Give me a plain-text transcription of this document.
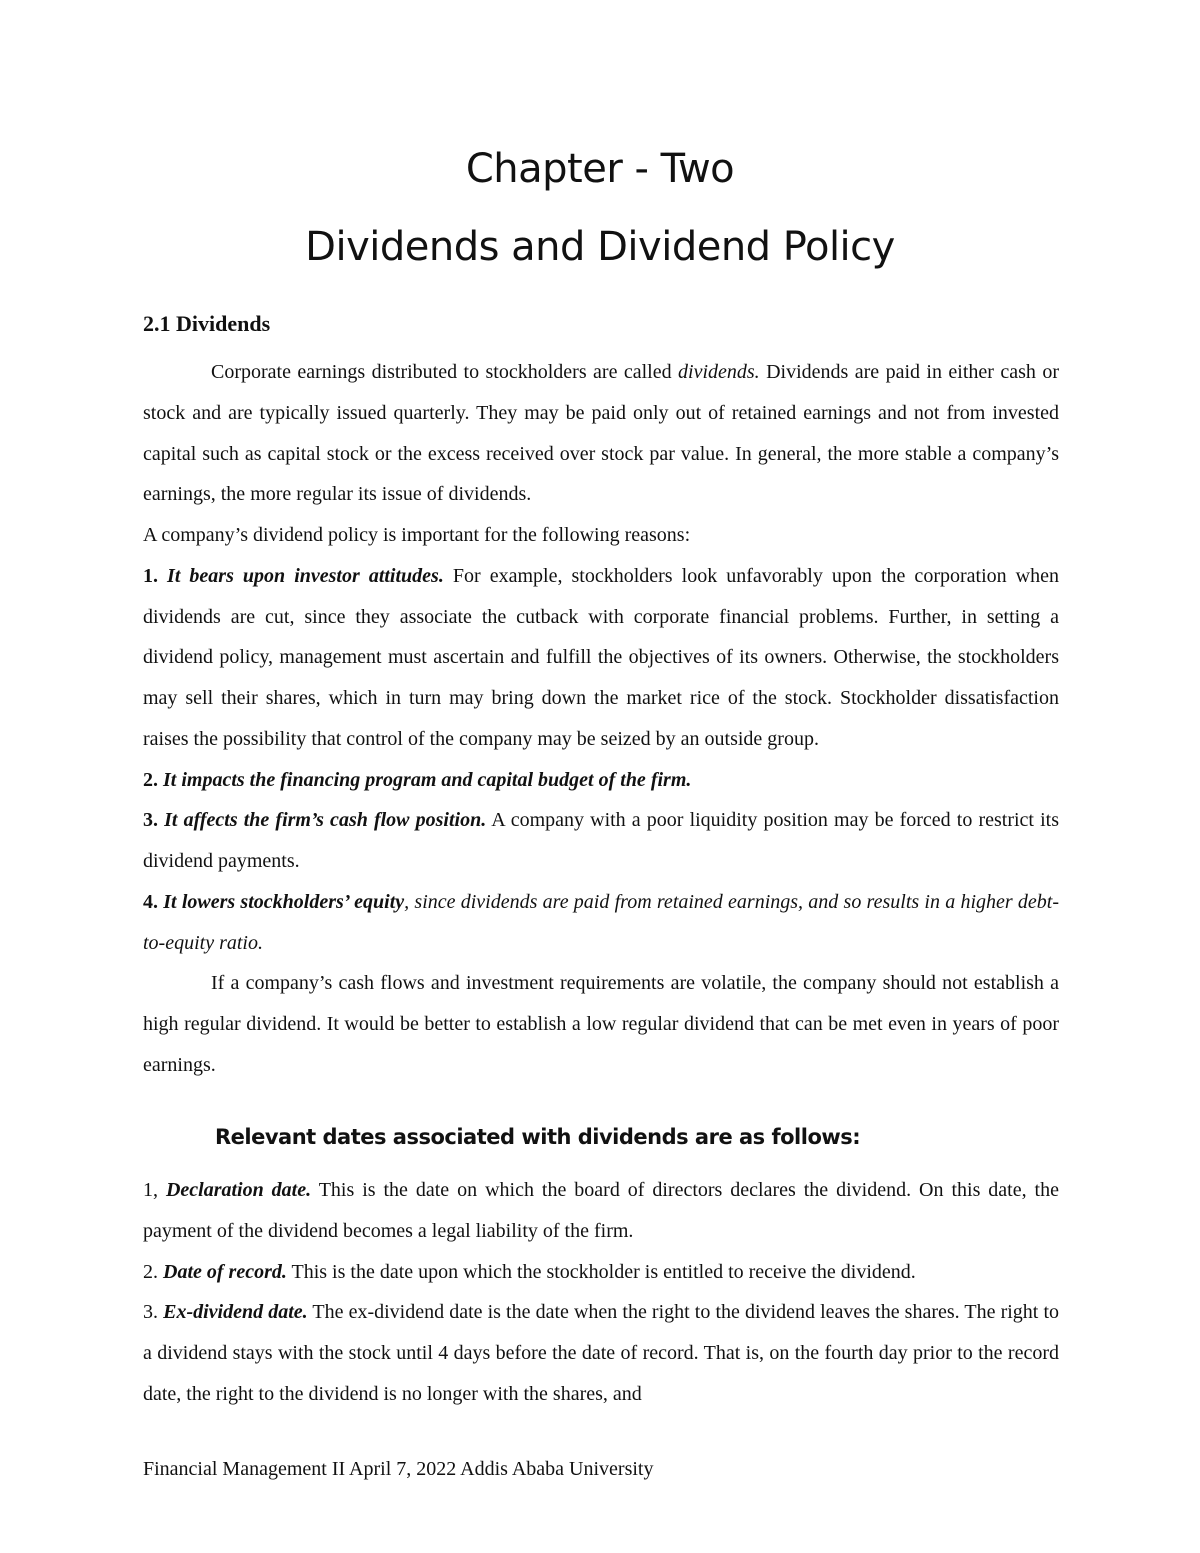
Chapter - Two
Dividends and Dividend Policy
2.1 Dividends

Corporate earnings distributed to stockholders are called dividends. Dividends are paid in either cash or stock and are typically issued quarterly. They may be paid only out of retained earnings and not from invested capital such as capital stock or the excess received over stock par value. In general, the more stable a company’s earnings, the more regular its issue of dividends.

A company’s dividend policy is important for the following reasons:

1. It bears upon investor attitudes. For example, stockholders look unfavorably upon the corporation when dividends are cut, since they associate the cutback with corporate financial problems. Further, in setting a dividend policy, management must ascertain and fulfill the objectives of its owners. Otherwise, the stockholders may sell their shares, which in turn may bring down the market rice of the stock. Stockholder dissatisfaction raises the possibility that control of the company may be seized by an outside group.

2. It impacts the financing program and capital budget of the firm.

3. It affects the firm’s cash flow position. A company with a poor liquidity position may be forced to restrict its dividend payments.

4. It lowers stockholders’ equity, since dividends are paid from retained earnings, and so results in a higher debt-to-equity ratio.

If a company’s cash flows and investment requirements are volatile, the company should not establish a high regular dividend. It would be better to establish a low regular dividend that can be met even in years of poor earnings.

Relevant dates associated with dividends are as follows:

1, Declaration date. This is the date on which the board of directors declares the dividend. On this date, the payment of the dividend becomes a legal liability of the firm.

2. Date of record. This is the date upon which the stockholder is entitled to receive the dividend.

3. Ex-dividend date. The ex-dividend date is the date when the right to the dividend leaves the shares. The right to a dividend stays with the stock until 4 days before the date of record. That is, on the fourth day prior to the record date, the right to the dividend is no longer with the shares, and

Financial Management II April 7, 2022 Addis Ababa University
